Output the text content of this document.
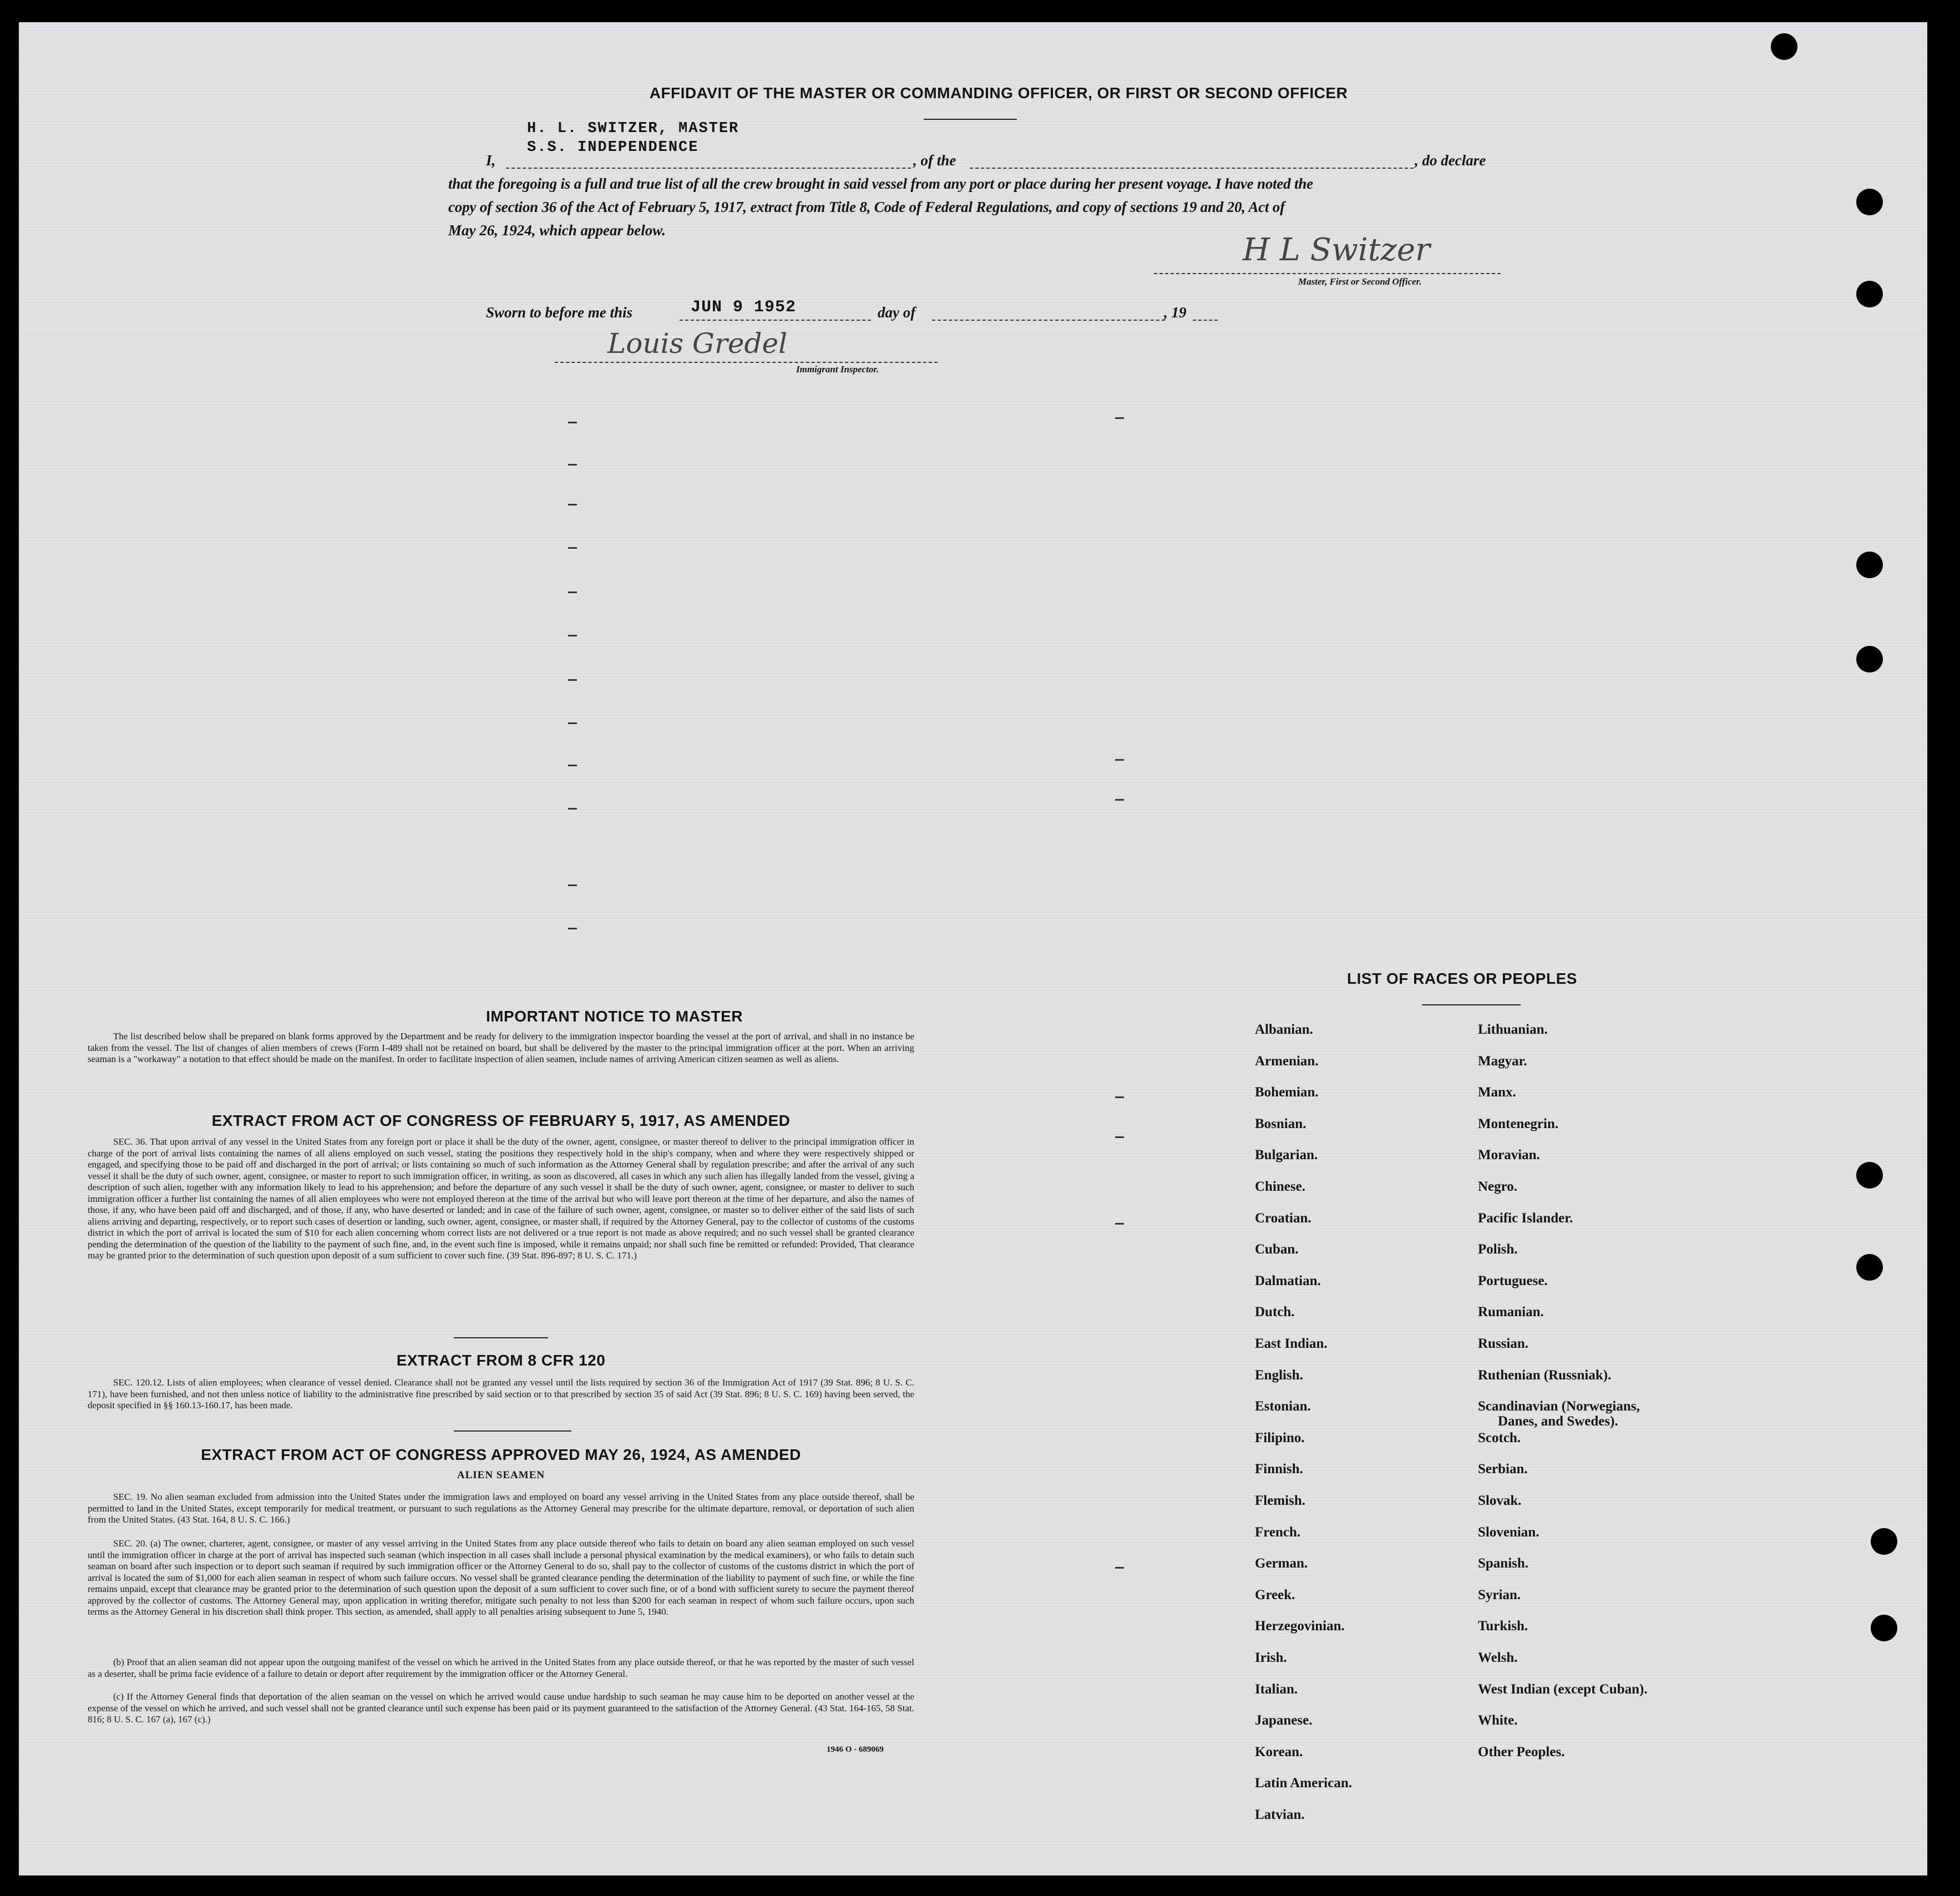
AFFIDAVIT OF THE MASTER OR COMMANDING OFFICER, OR FIRST OR SECOND OFFICER
H. L. SWITZER, MASTER
S.S. INDEPENDENCE
I,	, of the	, do declare
that the foregoing is a full and true list of all the crew brought in said vessel from any port or place during her present voyage. I have noted the
copy of section 36 of the Act of February 5, 1917, extract from Title 8, Code of Federal Regulations, and copy of sections 19 and 20, Act of
May 26, 1924, which appear below.
H L Switzer
Master, First or Second Officer.
Sworn to before me this	JUN 9 1952	day of	, 19
Louis Gredel
Immigrant Inspector.
IMPORTANT NOTICE TO MASTER
The list described below shall be prepared on blank forms approved by the Department and be ready for delivery to the immigration inspector boarding the vessel at the port of arrival, and shall in no instance be taken from the vessel. The list of changes of alien members of crews (Form I-489 shall not be retained on board, but shall be delivered by the master to the principal immigration officer at the port. When an arriving seaman is a "workaway" a notation to that effect should be made on the manifest. In order to facilitate inspection of alien seamen, include names of arriving American citizen seamen as well as aliens.
EXTRACT FROM ACT OF CONGRESS OF FEBRUARY 5, 1917, AS AMENDED
SEC. 36. That upon arrival of any vessel in the United States from any foreign port or place it shall be the duty of the owner, agent, consignee, or master thereof to deliver to the principal immigration officer in charge of the port of arrival lists containing the names of all aliens employed on such vessel, stating the positions they respectively hold in the ship's company, when and where they were respectively shipped or engaged, and specifying those to be paid off and discharged in the port of arrival; or lists containing so much of such information as the Attorney General shall by regulation prescribe; and after the arrival of any such vessel it shall be the duty of such owner, agent, consignee, or master to report to such immigration officer, in writing, as soon as discovered, all cases in which any such alien has illegally landed from the vessel, giving a description of such alien, together with any information likely to lead to his apprehension; and before the departure of any such vessel it shall be the duty of such owner, agent, consignee, or master to deliver to such immigration officer a further list containing the names of all alien employees who were not employed thereon at the time of the arrival but who will leave port thereon at the time of her departure, and also the names of those, if any, who have been paid off and discharged, and of those, if any, who have deserted or landed; and in case of the failure of such owner, agent, consignee, or master so to deliver either of the said lists of such aliens arriving and departing, respectively, or to report such cases of desertion or landing, such owner, agent, consignee, or master shall, if required by the Attorney General, pay to the collector of customs of the customs district in which the port of arrival is located the sum of $10 for each alien concerning whom correct lists are not delivered or a true report is not made as above required; and no such vessel shall be granted clearance pending the determination of the question of the liability to the payment of such fine, and, in the event such fine is imposed, while it remains unpaid; nor shall such fine be remitted or refunded: Provided, That clearance may be granted prior to the determination of such question upon deposit of a sum sufficient to cover such fine. (39 Stat. 896-897; 8 U. S. C. 171.)
EXTRACT FROM 8 CFR 120
SEC. 120.12. Lists of alien employees; when clearance of vessel denied. Clearance shall not be granted any vessel until the lists required by section 36 of the Immigration Act of 1917 (39 Stat. 896; 8 U. S. C. 171), have been furnished, and not then unless notice of liability to the administrative fine prescribed by said section or to that prescribed by section 35 of said Act (39 Stat. 896; 8 U. S. C. 169) having been served, the deposit specified in §§ 160.13-160.17, has been made.
EXTRACT FROM ACT OF CONGRESS APPROVED MAY 26, 1924, AS AMENDED
ALIEN SEAMEN
SEC. 19. No alien seaman excluded from admission into the United States under the immigration laws and employed on board any vessel arriving in the United States from any place outside thereof, shall be permitted to land in the United States, except temporarily for medical treatment, or pursuant to such regulations as the Attorney General may prescribe for the ultimate departure, removal, or deportation of such alien from the United States. (43 Stat. 164, 8 U. S. C. 166.)
SEC. 20. (a) The owner, charterer, agent, consignee, or master of any vessel arriving in the United States from any place outside thereof who fails to detain on board any alien seaman employed on such vessel until the immigration officer in charge at the port of arrival has inspected such seaman (which inspection in all cases shall include a personal physical examination by the medical examiners), or who fails to detain such seaman on board after such inspection or to deport such seaman if required by such immigration officer or the Attorney General to do so, shall pay to the collector of customs of the customs district in which the port of arrival is located the sum of $1,000 for each alien seaman in respect of whom such failure occurs. No vessel shall be granted clearance pending the determination of the liability to payment of such fine, or while the fine remains unpaid, except that clearance may be granted prior to the determination of such question upon the deposit of a sum sufficient to cover such fine, or of a bond with sufficient surety to secure the payment thereof approved by the collector of customs. The Attorney General may, upon application in writing therefor, mitigate such penalty to not less than $200 for each seaman in respect of whom such failure occurs, upon such terms as the Attorney General in his discretion shall think proper. This section, as amended, shall apply to all penalties arising subsequent to June 5, 1940.
(b) Proof that an alien seaman did not appear upon the outgoing manifest of the vessel on which he arrived in the United States from any place outside thereof, or that he was reported by the master of such vessel as a deserter, shall be prima facie evidence of a failure to detain or deport after requirement by the immigration officer or the Attorney General.
(c) If the Attorney General finds that deportation of the alien seaman on the vessel on which he arrived would cause undue hardship to such seaman he may cause him to be deported on another vessel at the expense of the vessel on which he arrived, and such vessel shall not be granted clearance until such expense has been paid or its payment guaranteed to the satisfaction of the Attorney General. (43 Stat. 164-165, 58 Stat. 816; 8 U. S. C. 167 (a), 167 (c).)
1946 O - 689069
LIST OF RACES OR PEOPLES
Albanian.
Armenian.
Bohemian.
Bosnian.
Bulgarian.
Chinese.
Croatian.
Cuban.
Dalmatian.
Dutch.
East Indian.
English.
Estonian.
Filipino.
Finnish.
Flemish.
French.
German.
Greek.
Herzegovinian.
Irish.
Italian.
Japanese.
Korean.
Latin American.
Latvian.
Lithuanian.
Magyar.
Manx.
Montenegrin.
Moravian.
Negro.
Pacific Islander.
Polish.
Portuguese.
Rumanian.
Russian.
Ruthenian (Russniak).
Scandinavian (Norwegians,
Danes, and Swedes).
Scotch.
Serbian.
Slovak.
Slovenian.
Spanish.
Syrian.
Turkish.
Welsh.
West Indian (except Cuban).
White.
Other Peoples.
